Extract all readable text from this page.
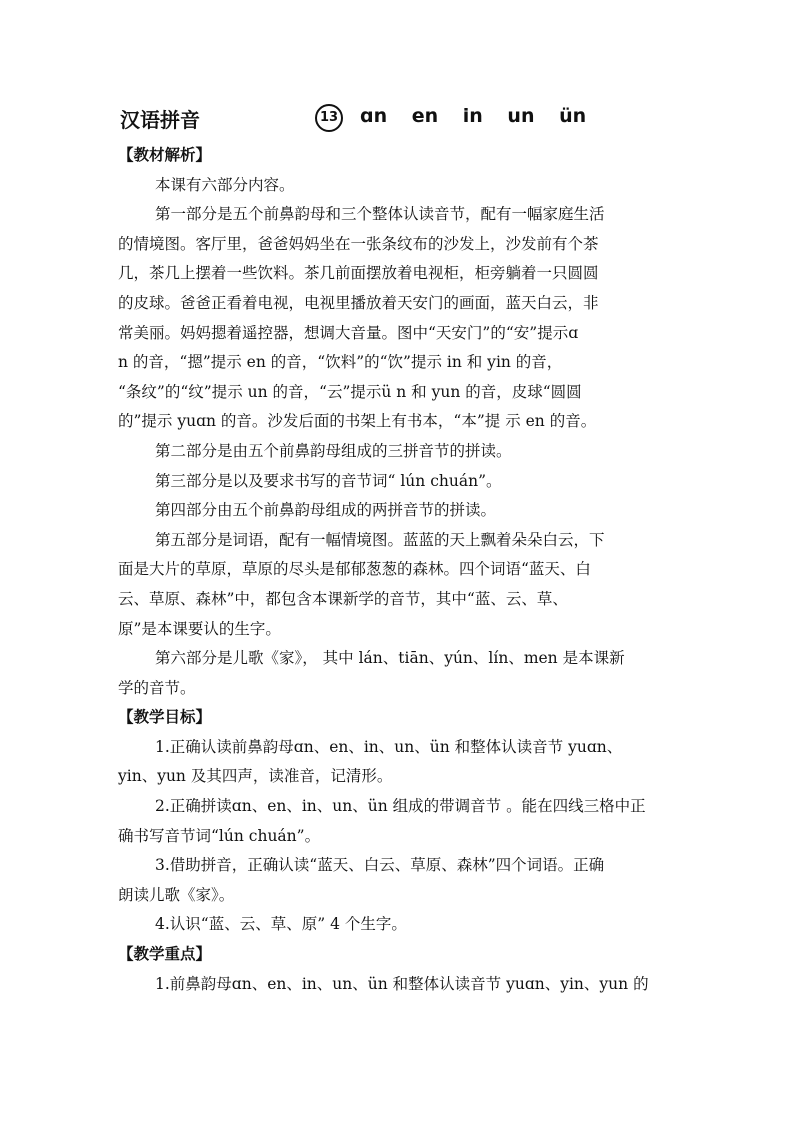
汉语拼音	13 ɑn en in un ün
【教材解析】
本课有六部分内容。
第一部分是五个前鼻韵母和三个整体认读音节，配有一幅家庭生活
的情境图。客厅里，爸爸妈妈坐在一张条纹布的沙发上，沙发前有个茶
几，茶几上摆着一些饮料。茶几前面摆放着电视柜，柜旁躺着一只圆圆
的皮球。爸爸正看着电视，电视里播放着天安门的画面，蓝天白云，非
常美丽。妈妈摁着遥控器，想调大音量。图中“天安门”的“安”提示ɑ
n 的音，“摁”提示 en 的音，“饮料”的“饮”提示 in 和 yin 的音，
“条纹”的“纹”提示 un 的音，“云”提示ü n 和 yun 的音，皮球“圆圆
的”提示 yuɑn 的音。沙发后面的书架上有书本，“本”提 示 en 的音。
第二部分是由五个前鼻韵母组成的三拼音节的拼读。
第三部分是以及要求书写的音节词“ lún chuán”。
第四部分由五个前鼻韵母组成的两拼音节的拼读。
第五部分是词语，配有一幅情境图。蓝蓝的天上飘着朵朵白云，下
面是大片的草原，草原的尽头是郁郁葱葱的森林。四个词语“蓝天、白
云、草原、森林”中，都包含本课新学的音节，其中“蓝、云、草、
原”是本课要认的生字。
第六部分是儿歌《家》， 其中 lán、tiān、yún、lín、men 是本课新
学的音节。
【教学目标】
1.正确认读前鼻韵母ɑn、en、in、un、ün 和整体认读音节 yuɑn、
yin、yun 及其四声，读准音，记清形。
2.正确拼读ɑn、en、in、un、ün 组成的带调音节 。能在四线三格中正
确书写音节词“lún chuán”。
3.借助拼音，正确认读“蓝天、白云、草原、森林”四个词语。正确
朗读儿歌《家》。
4.认识“蓝、云、草、原” 4 个生字。
【教学重点】
1.前鼻韵母ɑn、en、in、un、ün 和整体认读音节 yuɑn、yin、yun 的
